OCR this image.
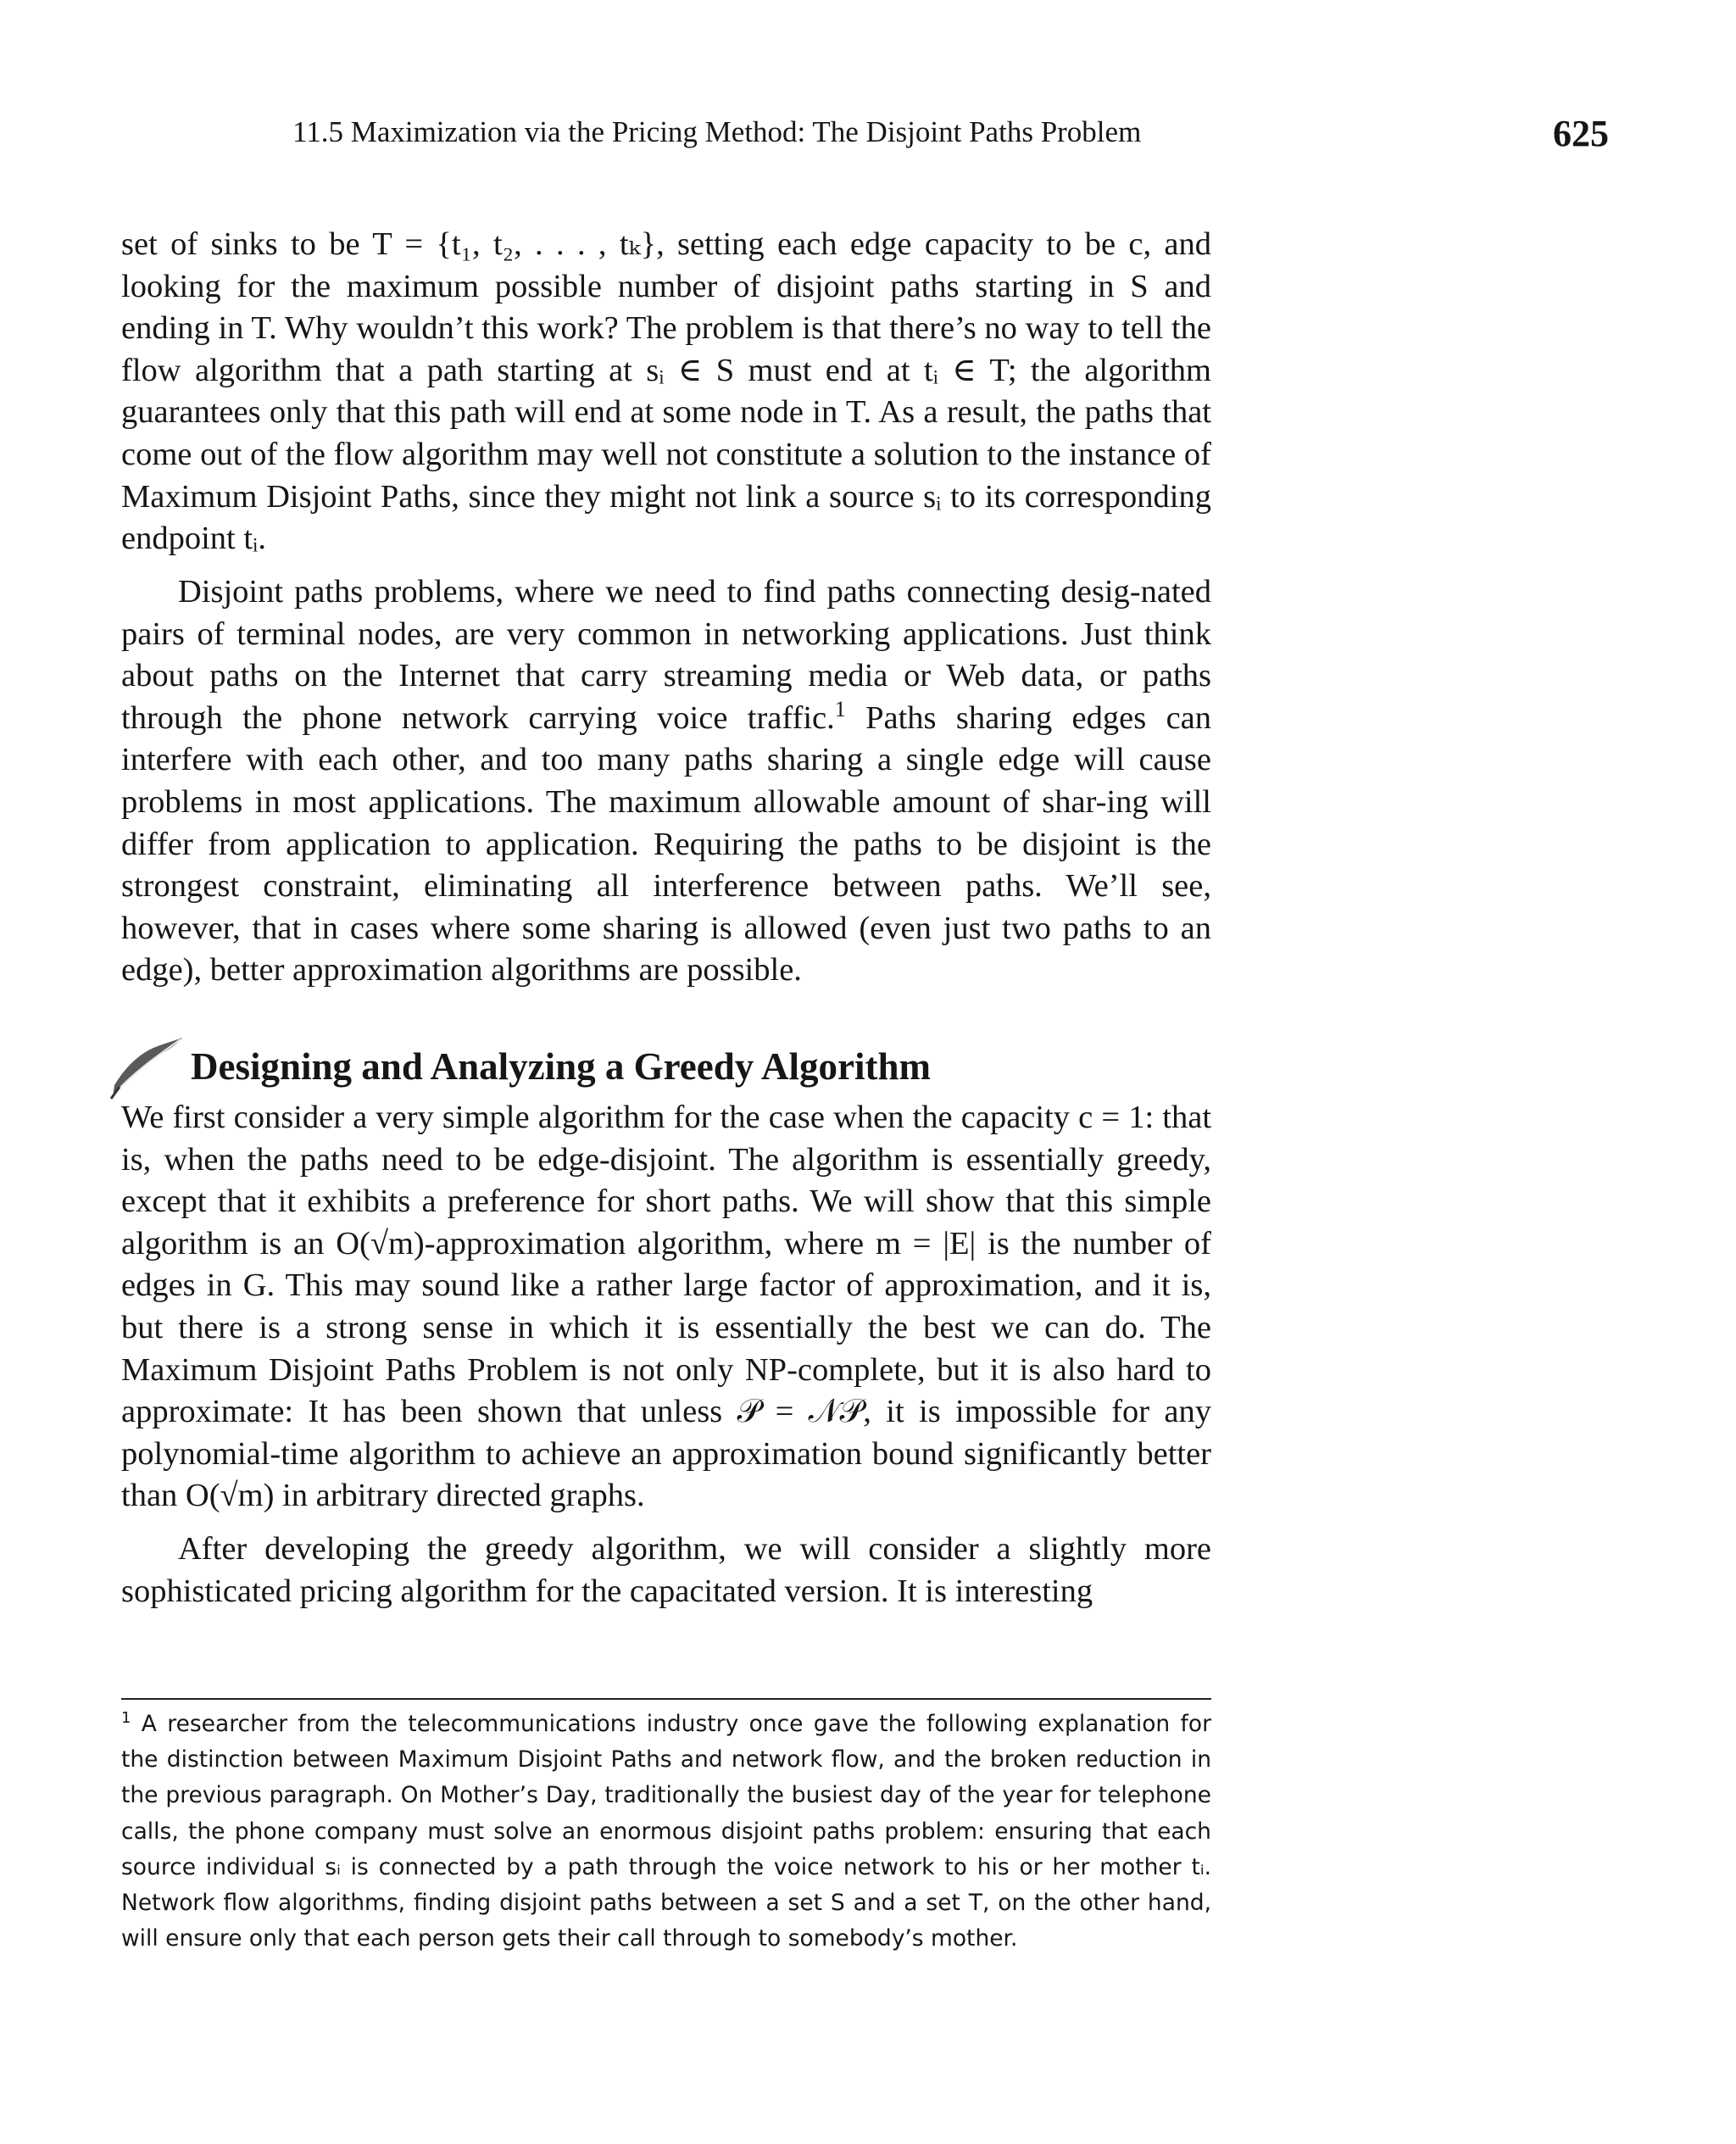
11.5 Maximization via the Pricing Method: The Disjoint Paths Problem	625

set of sinks to be T = {t₁, t₂, . . . , tₖ}, setting each edge capacity to be c, and looking for the maximum possible number of disjoint paths starting in S and ending in T. Why wouldn’t this work? The problem is that there’s no way to tell the flow algorithm that a path starting at sᵢ ∈ S must end at tᵢ ∈ T; the algorithm guarantees only that this path will end at some node in T. As a result, the paths that come out of the flow algorithm may well not constitute a solution to the instance of Maximum Disjoint Paths, since they might not link a source sᵢ to its corresponding endpoint tᵢ.

Disjoint paths problems, where we need to find paths connecting desig-nated pairs of terminal nodes, are very common in networking applications. Just think about paths on the Internet that carry streaming media or Web data, or paths through the phone network carrying voice traffic.$^1$ Paths sharing edges can interfere with each other, and too many paths sharing a single edge will cause problems in most applications. The maximum allowable amount of shar-ing will differ from application to application. Requiring the paths to be disjoint is the strongest constraint, eliminating all interference between paths. We’ll see, however, that in cases where some sharing is allowed (even just two paths to an edge), better approximation algorithms are possible.

Designing and Analyzing a Greedy Algorithm

We first consider a very simple algorithm for the case when the capacity c = 1: that is, when the paths need to be edge-disjoint. The algorithm is essentially greedy, except that it exhibits a preference for short paths. We will show that this simple algorithm is an O(√m)-approximation algorithm, where m = |E| is the number of edges in G. This may sound like a rather large factor of approximation, and it is, but there is a strong sense in which it is essentially the best we can do. The Maximum Disjoint Paths Problem is not only NP-complete, but it is also hard to approximate: It has been shown that unless 𝒫 = 𝒩𝒫, it is impossible for any polynomial-time algorithm to achieve an approximation bound significantly better than O(√m) in arbitrary directed graphs.

After developing the greedy algorithm, we will consider a slightly more sophisticated pricing algorithm for the capacitated version. It is interesting

$^1$ A researcher from the telecommunications industry once gave the following explanation for the distinction between Maximum Disjoint Paths and network flow, and the broken reduction in the previous paragraph. On Mother’s Day, traditionally the busiest day of the year for telephone calls, the phone company must solve an enormous disjoint paths problem: ensuring that each source individual sᵢ is connected by a path through the voice network to his or her mother tᵢ. Network flow algorithms, finding disjoint paths between a set S and a set T, on the other hand, will ensure only that each person gets their call through to somebody’s mother.
